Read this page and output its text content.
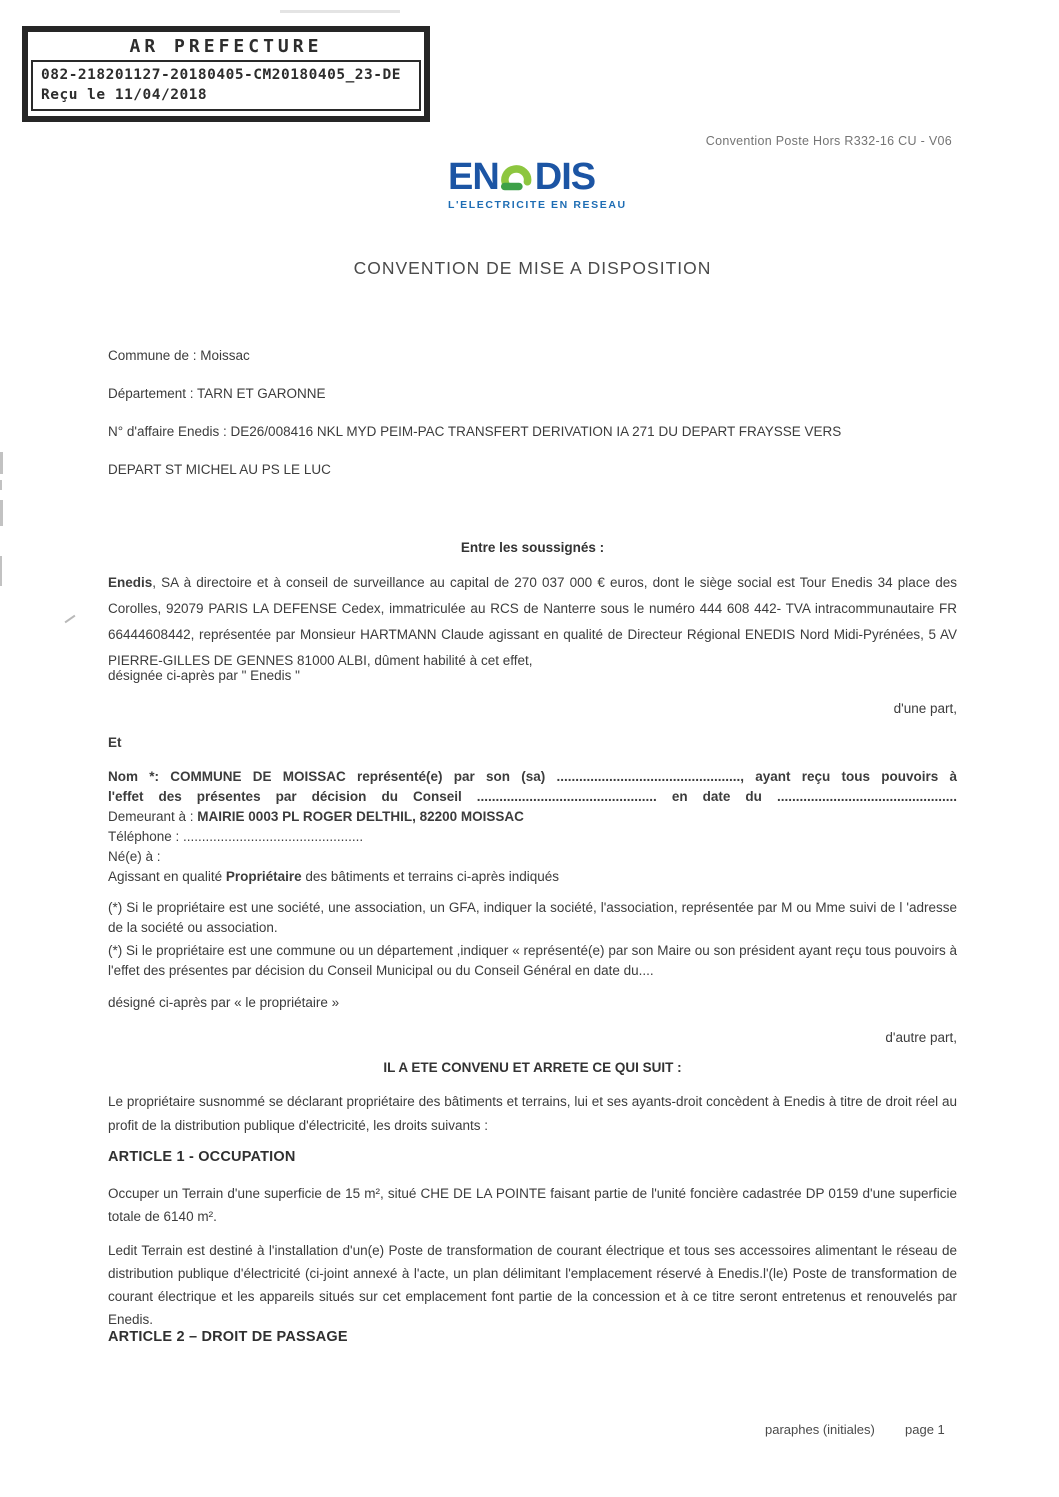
AR PREFECTURE
082-218201127-20180405-CM20180405_23-DE
Reçu le 11/04/2018
Convention Poste Hors R332-16 CU - V06
EN DIS
L'ELECTRICITE EN RESEAU
CONVENTION DE MISE A DISPOSITION
Commune de : Moissac
Département : TARN ET GARONNE
N° d'affaire Enedis : DE26/008416 NKL MYD PEIM-PAC TRANSFERT DERIVATION IA 271 DU DEPART FRAYSSE VERS
DEPART ST MICHEL AU PS LE LUC
Entre les soussignés :

Enedis, SA à directoire et à conseil de surveillance au capital de 270 037 000 € euros, dont le siège social est Tour Enedis 34 place des Corolles, 92079 PARIS LA DEFENSE Cedex, immatriculée au RCS de Nanterre sous le numéro 444 608 442- TVA intracommunautaire FR 66444608442, représentée par Monsieur HARTMANN Claude agissant en qualité de Directeur Régional ENEDIS Nord Midi-Pyrénées, 5 AV PIERRE-GILLES DE GENNES 81000 ALBI, dûment habilité à cet effet,

désignée ci-après par " Enedis "
d'une part,
Et
Nom *: COMMUNE DE MOISSAC représenté(e) par son (sa) ................................................., ayant reçu tous pouvoirs à
l'effet des présentes par décision du Conseil ................................................ en date du ................................................
Demeurant à : MAIRIE 0003 PL ROGER DELTHIL, 82200 MOISSAC
Téléphone : ................................................
Né(e) à :
Agissant en qualité Propriétaire des bâtiments et terrains ci-après indiqués

(*) Si le propriétaire est une société, une association, un GFA, indiquer la société, l'association, représentée par M ou Mme suivi de l 'adresse de la société ou association.

(*) Si le propriétaire est une commune ou un département ,indiquer « représenté(e) par son Maire ou son président ayant reçu tous pouvoirs à l'effet des présentes par décision du Conseil Municipal ou du Conseil Général en date du....

désigné ci-après par « le propriétaire »
d'autre part,
IL A ETE CONVENU ET ARRETE CE QUI SUIT :

Le propriétaire susnommé se déclarant propriétaire des bâtiments et terrains, lui et ses ayants-droit concèdent à Enedis à titre de droit réel au profit de la distribution publique d'électricité, les droits suivants :

ARTICLE 1 - OCCUPATION

Occuper un Terrain d'une superficie de 15 m², situé CHE DE LA POINTE faisant partie de l'unité foncière cadastrée DP 0159 d'une superficie totale de 6140 m².

Ledit Terrain est destiné à l'installation d'un(e) Poste de transformation de courant électrique et tous ses accessoires alimentant le réseau de distribution publique d'électricité (ci-joint annexé à l'acte, un plan délimitant l'emplacement réservé à Enedis.l'(le) Poste de transformation de courant électrique et les appareils situés sur cet emplacement font partie de la concession et à ce titre seront entretenus et renouvelés par Enedis.

ARTICLE 2 – DROIT DE PASSAGE
paraphes (initiales) page 1
